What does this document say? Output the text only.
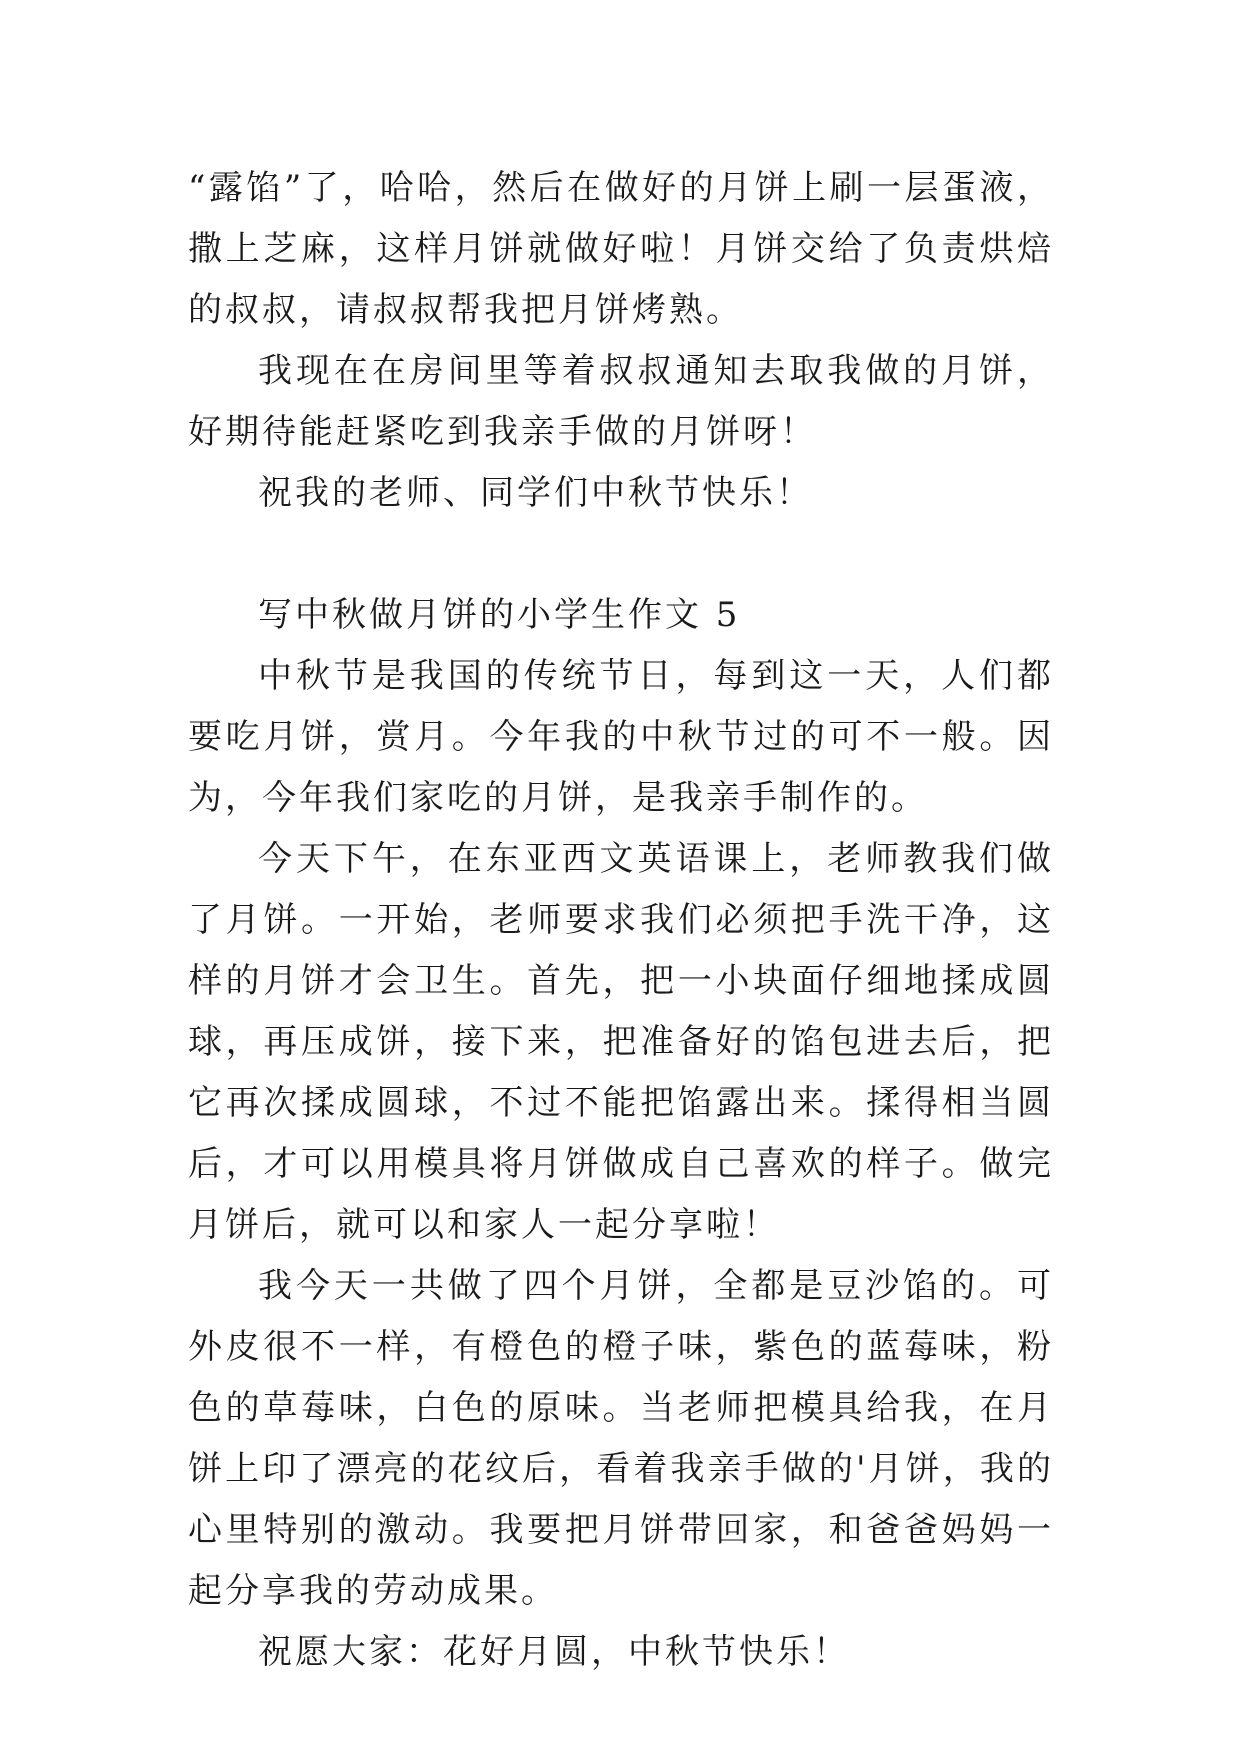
“露馅”了，哈哈，然后在做好的月饼上刷一层蛋液，撒上芝麻，这样月饼就做好啦！月饼交给了负责烘焙的叔叔，请叔叔帮我把月饼烤熟。

我现在在房间里等着叔叔通知去取我做的月饼，好期待能赶紧吃到我亲手做的月饼呀！

祝我的老师、同学们中秋节快乐！

写中秋做月饼的小学生作文 5

中秋节是我国的传统节日，每到这一天，人们都要吃月饼，赏月。今年我的中秋节过的可不一般。因为，今年我们家吃的月饼，是我亲手制作的。

今天下午，在东亚西文英语课上，老师教我们做了月饼。一开始，老师要求我们必须把手洗干净，这样的月饼才会卫生。首先，把一小块面仔细地揉成圆球，再压成饼，接下来，把准备好的馅包进去后，把它再次揉成圆球，不过不能把馅露出来。揉得相当圆后，才可以用模具将月饼做成自己喜欢的样子。做完月饼后，就可以和家人一起分享啦！

我今天一共做了四个月饼，全都是豆沙馅的。可外皮很不一样，有橙色的橙子味，紫色的蓝莓味，粉色的草莓味，白色的原味。当老师把模具给我，在月饼上印了漂亮的花纹后，看着我亲手做的'月饼，我的心里特别的激动。我要把月饼带回家，和爸爸妈妈一起分享我的劳动成果。

祝愿大家：花好月圆，中秋节快乐！
